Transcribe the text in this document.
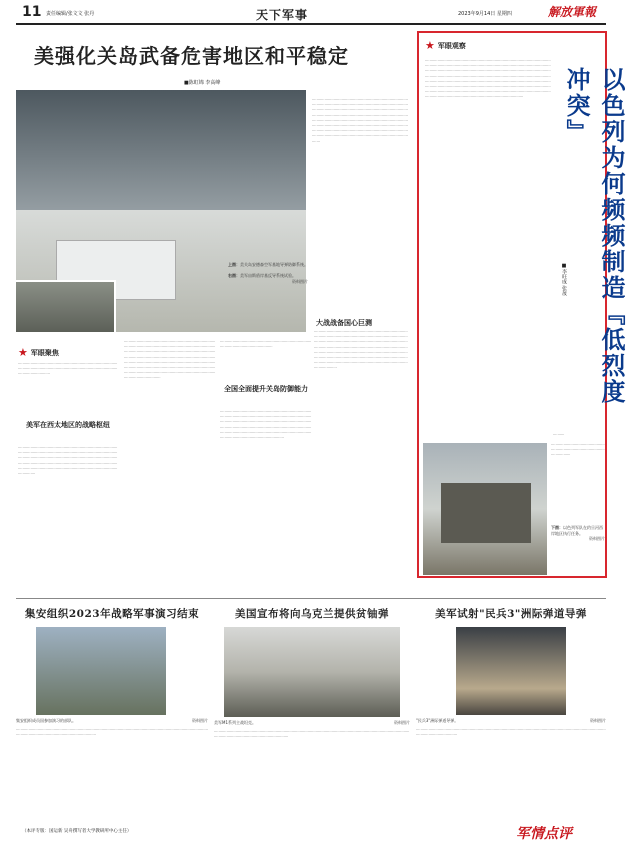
11 责任编辑/张文文 张丹	天下军事	2023年9月14日 星期四	解放軍報
美强化关岛武备危害地区和平稳定
■陈虹锦 李高峰
上图：美关岛安德森空军基地导弹防御系统。

右图：美军宙斯盾岸基反导系统试验。

资料图片
·······································································································································································································································································································································································································································································································································································································································································································
大战战备国心巨测
★ 军眼聚焦
··········································································································································································································
美军在西太地区的战略枢纽
··································································································································································································································································································································································································································································
················································································································································································································································································································································································································································································································································································································
······························································································································
全国全面提升关岛防御能力
········································································································································································································································································································································································································································································
··················································································································································································································································································································································································································································································································································································································
★ 军眼观察
························································································································································································································································································································································································································································································································································································································································································································································································································································································	以色列为何频频制造『低烈度冲突』
■李旺成 张晟
··········
···············································································································
下图：以色列军队在约旦河西岸地区执行任务。
资料图片
集安组织2023年战略军事演习结束
集安组织成员国参加演习的部队。	资料图片
··············································································································································································································································
美国宣布将向乌克兰提供贫铀弹
美军M1系列主战坦克。	资料图片
············································································································································································································································
美军试射"民兵3"洲际弹道导弹
"民兵3"洲际弹道导弹。	资料图片
··········································································································································································································
（本评专版：国运新 吴舟撰写者大学教研所中心主任）	军情点评
